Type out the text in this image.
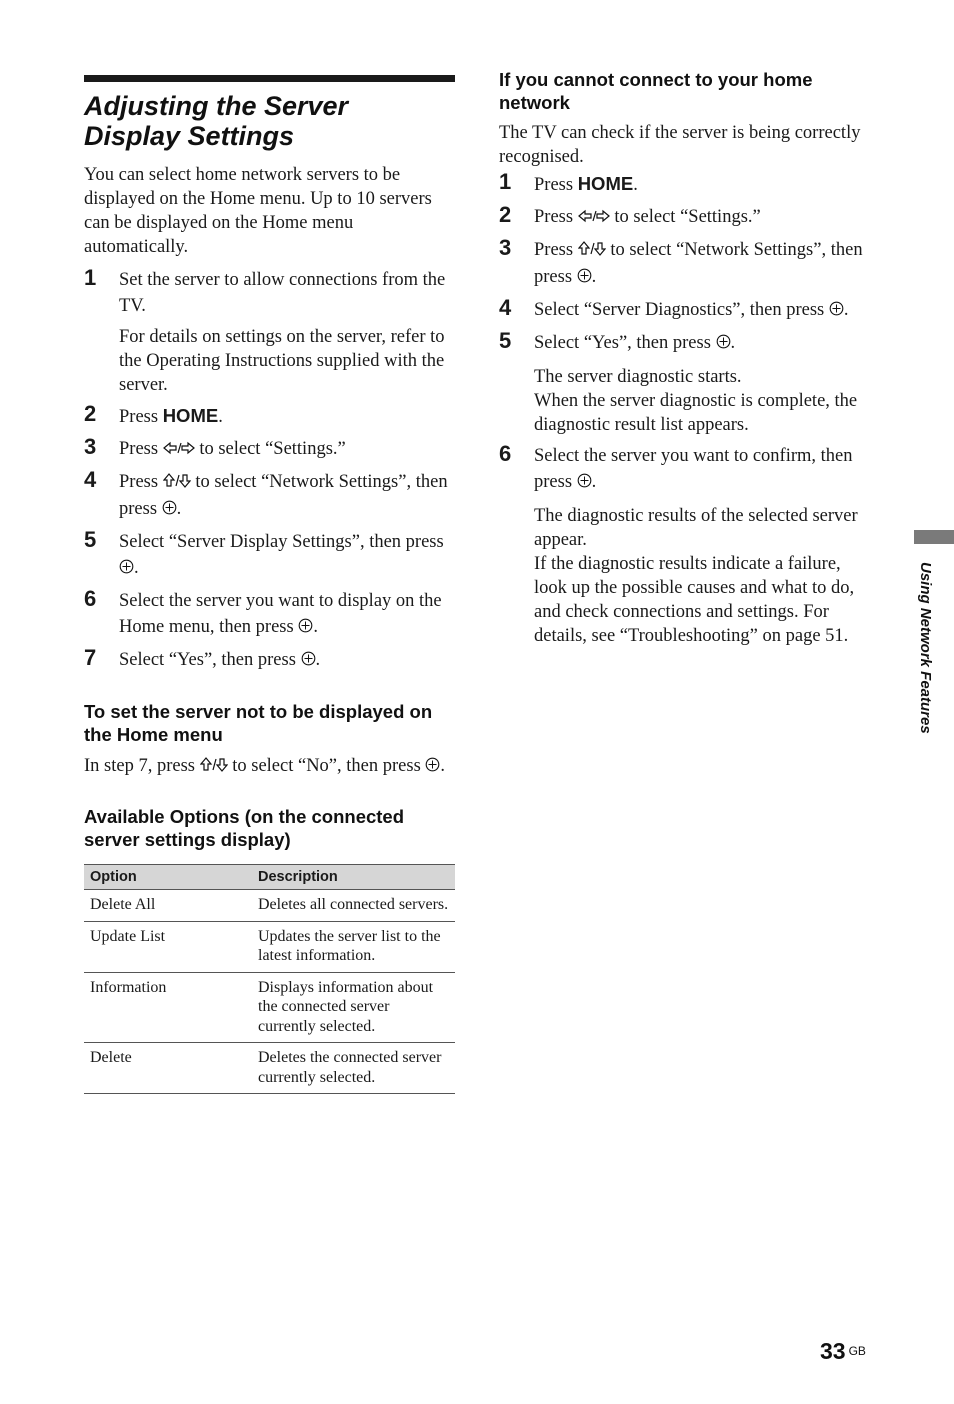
Adjusting the Server
Display Settings

You can select home network servers to be displayed on the Home menu. Up to 10 servers can be displayed on the Home menu automatically.

1 Set the server to allow connections from the TV.
For details on settings on the server, refer to the Operating Instructions supplied with the server.
2 Press HOME.
3 Press  to select “Settings.”
4 Press  to select “Network Settings”, then press .
5 Select “Server Display Settings”, then press .
6 Select the server you want to display on the Home menu, then press .
7 Select “Yes”, then press .
To set the server not to be displayed on the Home menu

In step 7, press  to select “No”, then press .

Available Options (on the connected server settings display)
Option	Description
Delete All	Deletes all connected servers.
Update List	Updates the server list to the latest information.
Information	Displays information about the connected server currently selected.
Delete	Deletes the connected server currently selected.
If you cannot connect to your home network

The TV can check if the server is being correctly recognised.

1 Press HOME.
2 Press  to select “Settings.”
3 Press  to select “Network Settings”, then press .
4 Select “Server Diagnostics”, then press .
5 Select “Yes”, then press .
The server diagnostic starts.
When the server diagnostic is complete, the diagnostic result list appears.
6 Select the server you want to confirm, then press .
The diagnostic results of the selected server appear.
If the diagnostic results indicate a failure, look up the possible causes and what to do, and check connections and settings. For details, see “Troubleshooting” on page 51.	Using Network Features
33 $^{GB}$
